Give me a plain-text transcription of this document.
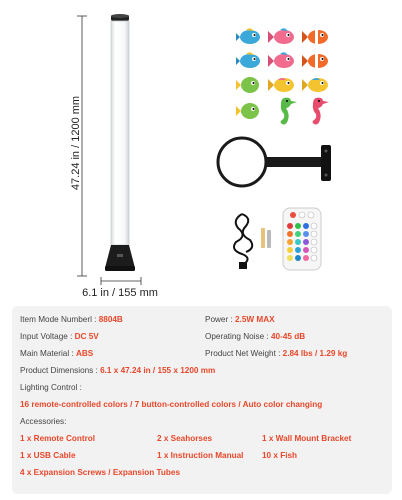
47.24 in / 1200 mm
6.1 in / 155 mm
Item Mode Numberl : 8804B	Power : 2.5W MAX
Input Voltage : DC 5V	Operating Noise : 40-45 dB
Main Material : ABS	Product Net Weight : 2.84 lbs / 1.29 kg
Product Dimensions : 6.1 x 47.24 in / 155 x 1200 mm
Lighting Control :
16 remote-controlled colors / 7 button-controlled colors / Auto color changing
Accessories:
1 x Remote Control	2 x Seahorses	1 x Wall Mount Bracket
1 x USB Cable	1 x Instruction Manual 10 x Fish
4 x Expansion Screws / Expansion Tubes
